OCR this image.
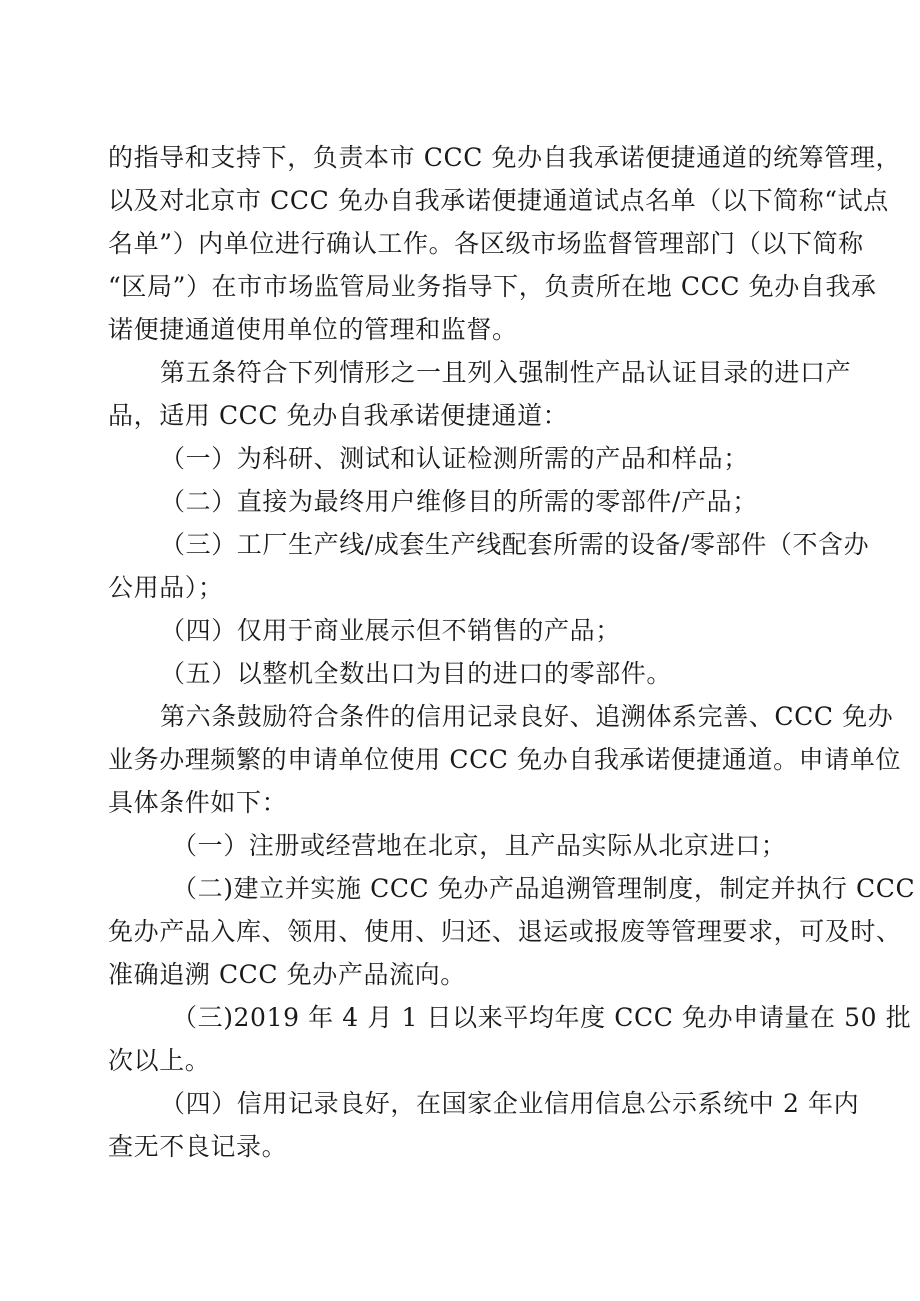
的指导和支持下，负责本市 CCC 免办自我承诺便捷通道的统筹管理，
以及对北京市 CCC 免办自我承诺便捷通道试点名单（以下简称“试点
名单”）内单位进行确认工作。各区级市场监督管理部门（以下简称
“区局”）在市市场监管局业务指导下，负责所在地 CCC 免办自我承
诺便捷通道使用单位的管理和监督。
第五条符合下列情形之一且列入强制性产品认证目录的进口产
品，适用 CCC 免办自我承诺便捷通道：
（一）为科研、测试和认证检测所需的产品和样品；
（二）直接为最终用户维修目的所需的零部件/产品；
（三）工厂生产线/成套生产线配套所需的设备/零部件（不含办
公用品）；
（四）仅用于商业展示但不销售的产品；
（五）以整机全数出口为目的进口的零部件。
第六条鼓励符合条件的信用记录良好、追溯体系完善、CCC 免办
业务办理频繁的申请单位使用 CCC 免办自我承诺便捷通道。申请单位
具体条件如下：
（一）注册或经营地在北京，且产品实际从北京进口；
（二)建立并实施 CCC 免办产品追溯管理制度，制定并执行 CCC
免办产品入库、领用、使用、归还、退运或报废等管理要求，可及时、
准确追溯 CCC 免办产品流向。
（三)2019 年 4 月 1 日以来平均年度 CCC 免办申请量在 50 批
次以上。
（四）信用记录良好，在国家企业信用信息公示系统中 2 年内
查无不良记录。
